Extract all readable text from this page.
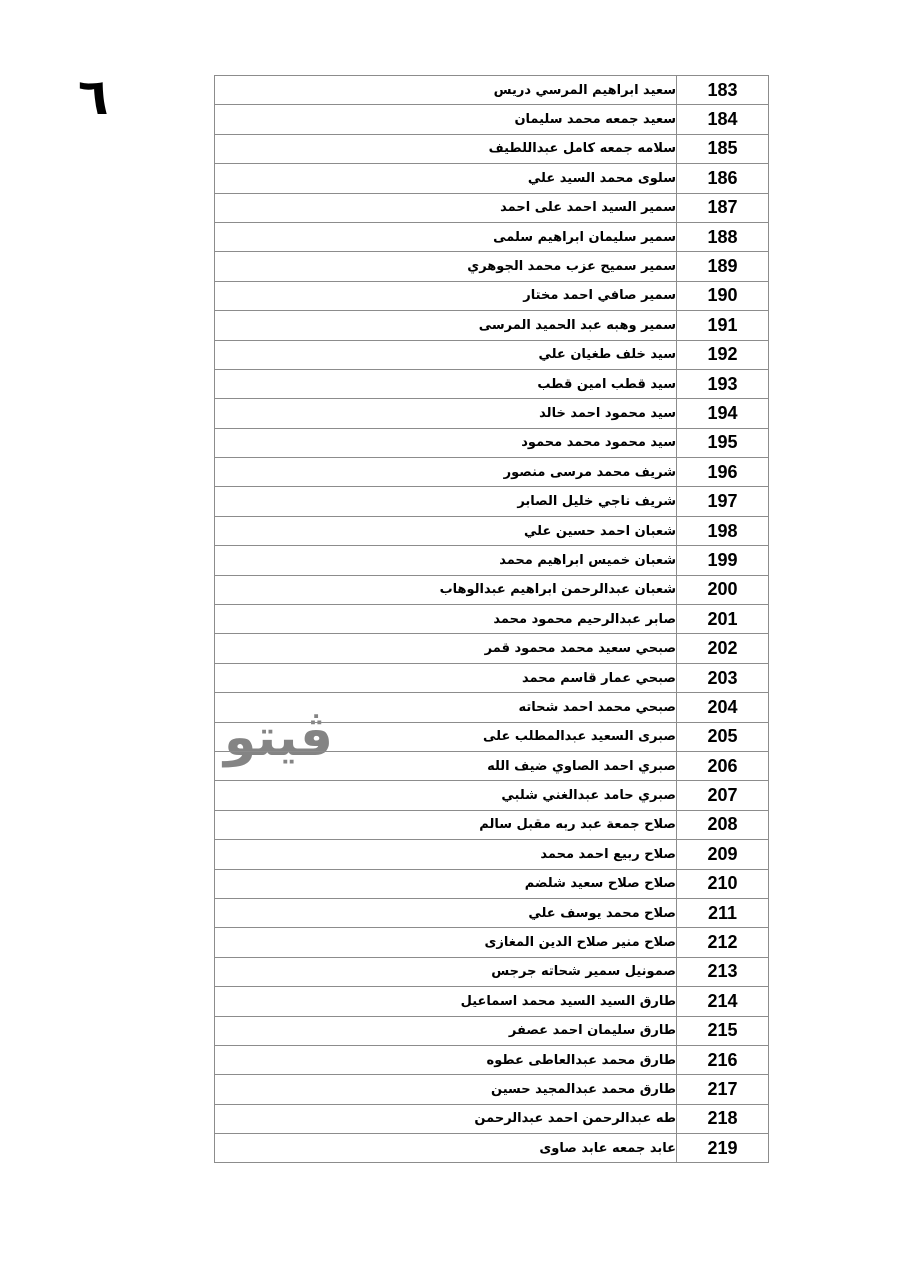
٦
ڤيتو
سعيد ابراهيم المرسي دريس	183
سعيد جمعه محمد سليمان	184
سلامه جمعه كامل عبداللطيف	185
سلوى محمد السيد علي	186
سمير السيد احمد على احمد	187
سمير سليمان ابراهيم سلمى	188
سمير سميح عزب محمد الجوهري	189
سمير صافي احمد مختار	190
سمير وهبه عبد الحميد المرسى	191
سيد خلف طغيان علي	192
سيد قطب امين قطب	193
سيد محمود احمد خالد	194
سيد محمود محمد محمود	195
شريف محمد مرسى منصور	196
شريف ناجي خليل الصابر	197
شعبان احمد حسين علي	198
شعبان خميس ابراهيم محمد	199
شعبان عبدالرحمن ابراهيم عبدالوهاب	200
صابر عبدالرحيم محمود محمد	201
صبحي سعيد محمد محمود قمر	202
صبحي عمار قاسم محمد	203
صبحي محمد احمد شحاته	204
صبرى السعيد عبدالمطلب على	205
صبري احمد الصاوي ضيف الله	206
صبري حامد عبدالغني شلبي	207
صلاح جمعة عبد ربه مقبل سالم	208
صلاح ربيع احمد محمد	209
صلاح صلاح سعيد شلضم	210
صلاح محمد يوسف علي	211
صلاح منير صلاح الدين المغازى	212
صمونيل سمير شحاته جرجس	213
طارق السيد السيد محمد اسماعيل	214
طارق سليمان احمد عصفر	215
طارق محمد عبدالعاطى عطوه	216
طارق محمد عبدالمجيد حسين	217
طه عبدالرحمن احمد عبدالرحمن	218
عابد جمعه عابد صاوى	219
